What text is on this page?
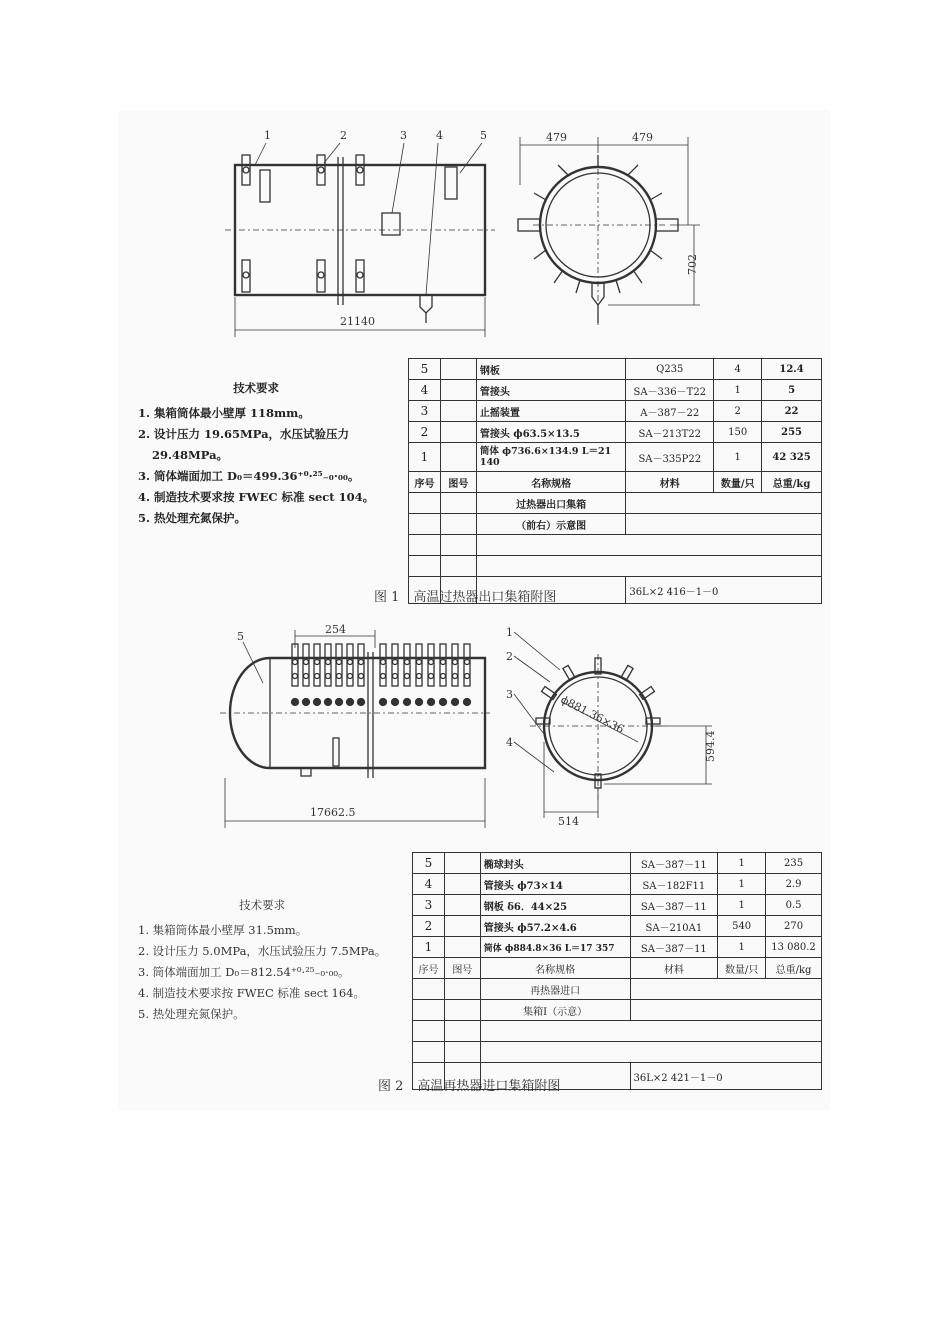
1	2	3	4	5
21140
479	479
702
技术要求
1. 集箱筒体最小壁厚 118mm。
2. 设计压力 19.65MPa，水压试验压力
29.48MPa。
3. 筒体端面加工 D₀＝499.36⁺⁰·²⁵₋₀·₀₀。
4. 制造技术要求按 FWEC 标准 sect 104。
5. 热处理充氮保护。
5		钢板	Q235	4	12.4
4		管接头	SA－336－T22	1	5
3		止摇装置	A－387－22	2	22
2		管接头 ϕ63.5×13.5	SA－213T22	150	255
1		筒体 ϕ736.6×134.9 L＝21 140	SA－335P22	1	42 325
序号	图号	名称规格	材料	数量/只	总重/kg
		过热器出口集箱			
		（前右）示意图			

			36L×2 416－1－0		
图 1 高温过热器出口集箱附图
254
5
17662.5
1
2
3
4
ϕ881.36×36
594.4
514
技术要求
1. 集箱筒体最小壁厚 31.5mm。
2. 设计压力 5.0MPa，水压试验压力 7.5MPa。
3. 筒体端面加工 D₀＝812.54⁺⁰·²⁵₋₀·₀₀。
4. 制造技术要求按 FWEC 标准 sect 164。
5. 热处理充氮保护。
5		椭球封头	SA－387－11	1	235
4		管接头 ϕ73×14	SA－182F11	1	2.9
3		钢板 δ6．44×25	SA－387－11	1	0.5
2		管接头 ϕ57.2×4.6	SA－210A1	540	270
1		筒体 ϕ884.8×36 L＝17 357	SA－387－11	1	13 080.2
序号	图号	名称规格	材料	数量/只	总重/kg
		再热器进口			
		集箱Ⅰ（示意）			

			36L×2 421－1－0		
图 2 高温再热器进口集箱附图
